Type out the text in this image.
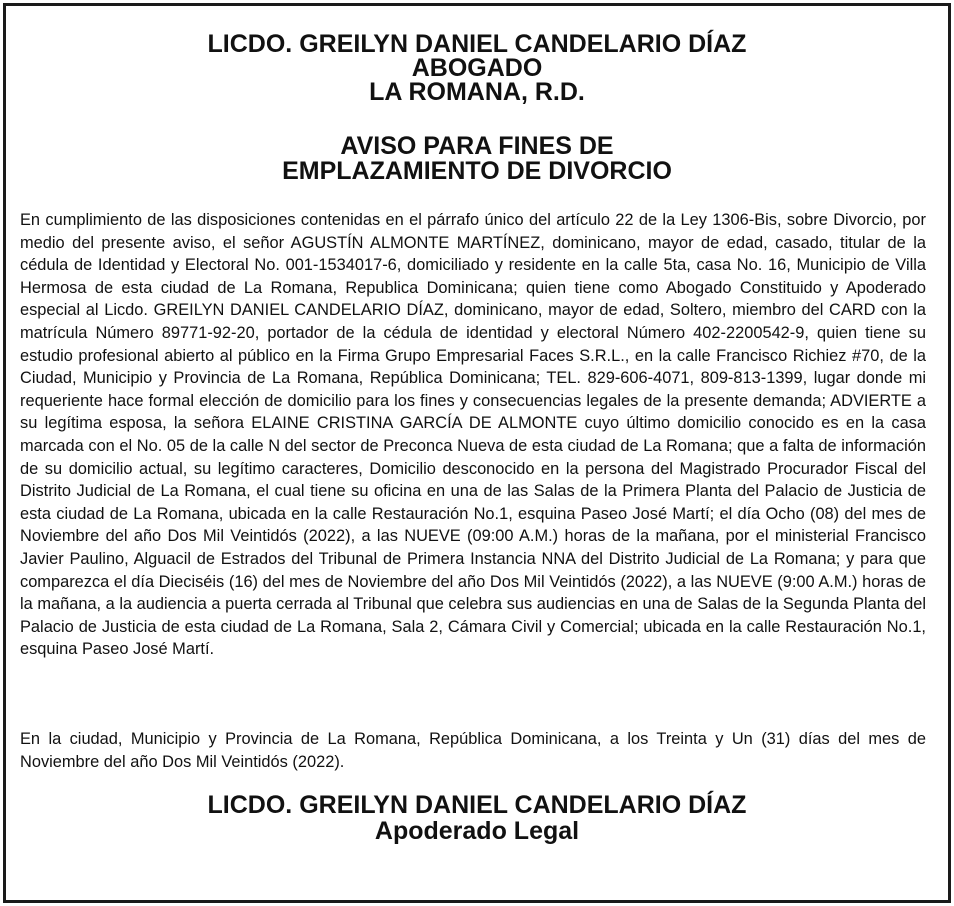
LICDO. GREILYN DANIEL CANDELARIO DÍAZ
ABOGADO
LA ROMANA, R.D.
AVISO PARA FINES DE
EMPLAZAMIENTO DE DIVORCIO
En cumplimiento de las disposiciones contenidas en el párrafo único del artículo 22 de la Ley 1306-Bis, sobre Divorcio, por medio del presente aviso, el señor AGUSTÍN ALMONTE MARTÍNEZ, dominicano, mayor de edad, casado, titular de la cédula de Identidad y Electoral No. 001-1534017-6, domiciliado y residente en la calle 5ta, casa No. 16, Municipio de Villa Hermosa de esta ciudad de La Romana, Republica Dominicana; quien tiene como Abogado Constituido y Apoderado especial al Licdo. GREILYN DANIEL CANDELARIO DÍAZ, dominicano, mayor de edad, Soltero, miembro del CARD con la matrícula Número 89771-92-20, portador de la cédula de identidad y electoral Número 402-2200542-9, quien tiene su estudio profesional abierto al público en la Firma Grupo Empresarial Faces S.R.L., en la calle Francisco Richiez #70, de la Ciudad, Municipio y Provincia de La Romana, República Dominicana; TEL. 829-606-4071, 809-813-1399, lugar donde mi requeriente hace formal elección de domicilio para los fines y consecuencias legales de la presente demanda; ADVIERTE a su legítima esposa, la señora ELAINE CRISTINA GARCÍA DE ALMONTE cuyo último domicilio conocido es en la casa marcada con el No. 05 de la calle N del sector de Preconca Nueva de esta ciudad de La Romana; que a falta de información de su domicilio actual, su legítimo caracteres, Domicilio desconocido en la persona del Magistrado Procurador Fiscal del Distrito Judicial de La Romana, el cual tiene su oficina en una de las Salas de la Primera Planta del Palacio de Justicia de esta ciudad de La Romana, ubicada en la calle Restauración No.1, esquina Paseo José Martí; el día Ocho (08) del mes de Noviembre del año Dos Mil Veintidós (2022), a las NUEVE (09:00 A.M.) horas de la mañana, por el ministerial Francisco Javier Paulino, Alguacil de Estrados del Tribunal de Primera Instancia NNA del Distrito Judicial de La Romana; y para que comparezca el día Dieciséis (16) del mes de Noviembre del año Dos Mil Veintidós (2022), a las NUEVE (9:00 A.M.) horas de la mañana, a la audiencia a puerta cerrada al Tribunal que celebra sus audiencias en una de Salas de la Segunda Planta del Palacio de Justicia de esta ciudad de La Romana, Sala 2, Cámara Civil y Comercial; ubicada en la calle Restauración No.1, esquina Paseo José Martí.
En la ciudad, Municipio y Provincia de La Romana, República Dominicana, a los Treinta y Un (31) días del mes de Noviembre del año Dos Mil Veintidós (2022).
LICDO. GREILYN DANIEL CANDELARIO DÍAZ
Apoderado Legal
